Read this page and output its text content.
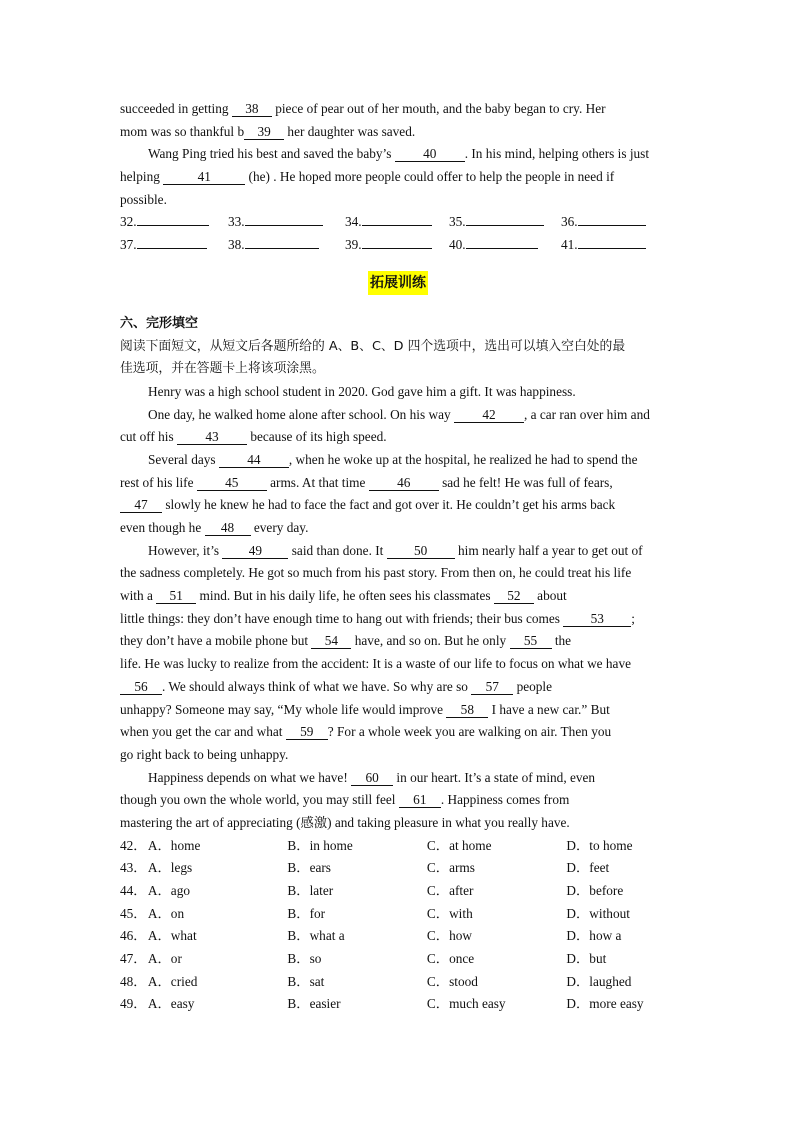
succeeded in getting 38 piece of pear out of her mouth, and the baby began to cry. Her
mom was so thankful b 39 her daughter was saved.
Wang Ping tried his best and saved the baby’s 40 . In his mind, helping others is just
helping	41	(he) . He hoped more people could offer to help the people in need if
possible.
32.	33.	34.	35.	36.
37.	38.	39.	40.	41.
拓展训练
六、完形填空
阅读下面短文，从短文后各题所给的 A、B、C、D 四个选项中，选出可以填入空白处的最
佳选项，并在答题卡上将该项涂黑。
Henry was a high school student in 2020. God gave him a gift. It was happiness.
One day, he walked home alone after school. On his way 42 , a car ran over him and
cut off his 43 because of its high speed.
Several days 44 , when he woke up at the hospital, he realized he had to spend the
rest of his life 45 arms. At that time 46 sad he felt! He was full of fears,
47 slowly he knew he had to face the fact and got over it. He couldn’t get his arms back
even though he 48 every day.
However, it’s 49 said than done. It 50 him nearly half a year to get out of
the sadness completely. He got so much from his past story. From then on, he could treat his life
with a 51 mind. But in his daily life, he often sees his classmates 52 about
little things: they don’t have enough time to hang out with friends; their bus comes 53 ;
they don’t have a mobile phone but 54 have, and so on. But he only 55 the
life. He was lucky to realize from the accident: It is a waste of our life to focus on what we have
56 . We should always think of what we have. So why are so 57 people
unhappy? Someone may say, “My whole life would improve 58 I have a new car.” But
when you get the car and what 59 ? For a whole week you are walking on air. Then you
go right back to being unhappy.
Happiness depends on what we have! 60 in our heart. It’s a state of mind, even
though you own the whole world, you may still feel 61 . Happiness comes from
mastering the art of appreciating (感激) and taking pleasure in what you really have.
42． A．home	B．in home	C．at home	D．to home
43． A．legs	B．ears	C．arms	D．feet
44． A．ago	B．later	C．after	D．before
45． A．on	B．for	C．with	D．without
46． A．what	B．what a	C．how	D．how a
47． A．or	B．so	C．once	D．but
48． A．cried	B．sat	C．stood	D．laughed
49． A．easy	B．easier	C．much easy	D．more easy
